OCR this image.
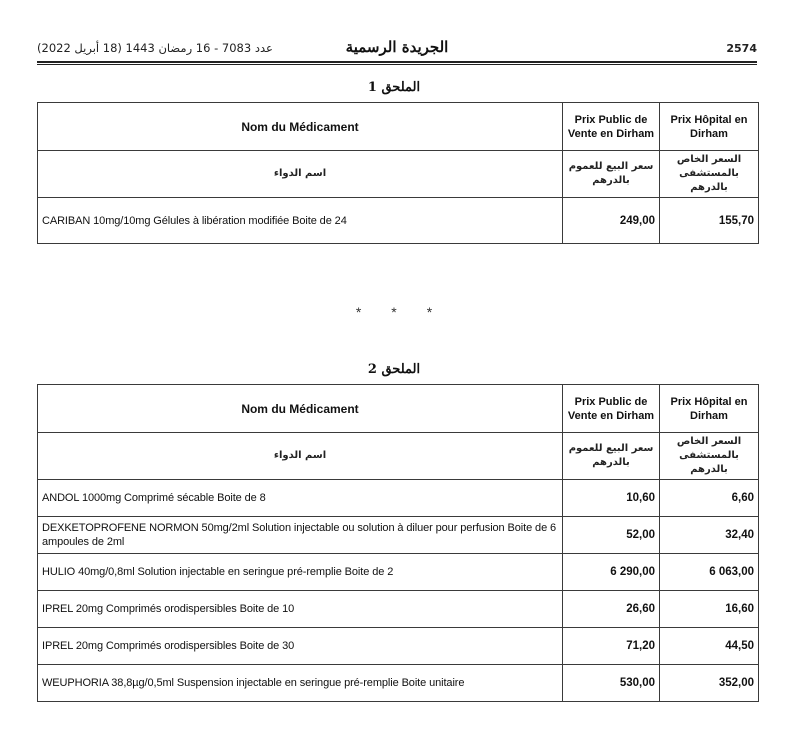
عدد 7083 - 16 رمضان 1443 (18 أبريل 2022)	الجريدة الرسمية	2574
الملحق 1
Nom du Médicament	Prix Public de Vente en Dirham	Prix Hôpital en Dirham
اسم الدواء	سعر البيع للعموم بالدرهم	السعر الخاص بالمستشفى بالدرهم
CARIBAN 10mg/10mg Gélules à libération modifiée Boite de 24	249,00	155,70
* * *
الملحق 2
Nom du Médicament	Prix Public de Vente en Dirham	Prix Hôpital en Dirham
اسم الدواء	سعر البيع للعموم بالدرهم	السعر الخاص بالمستشفى بالدرهم
ANDOL 1000mg Comprimé sécable Boite de 8	10,60	6,60
DEXKETOPROFENE NORMON 50mg/2ml Solution injectable ou solution à diluer pour perfusion Boite de 6 ampoules de 2ml	52,00	32,40
HULIO 40mg/0,8ml Solution injectable en seringue pré-remplie Boite de 2	6 290,00	6 063,00
IPREL 20mg Comprimés orodispersibles Boite de 10	26,60	16,60
IPREL 20mg Comprimés orodispersibles Boite de 30	71,20	44,50
WEUPHORIA 38,8µg/0,5ml Suspension injectable en seringue pré-remplie Boite unitaire	530,00	352,00
